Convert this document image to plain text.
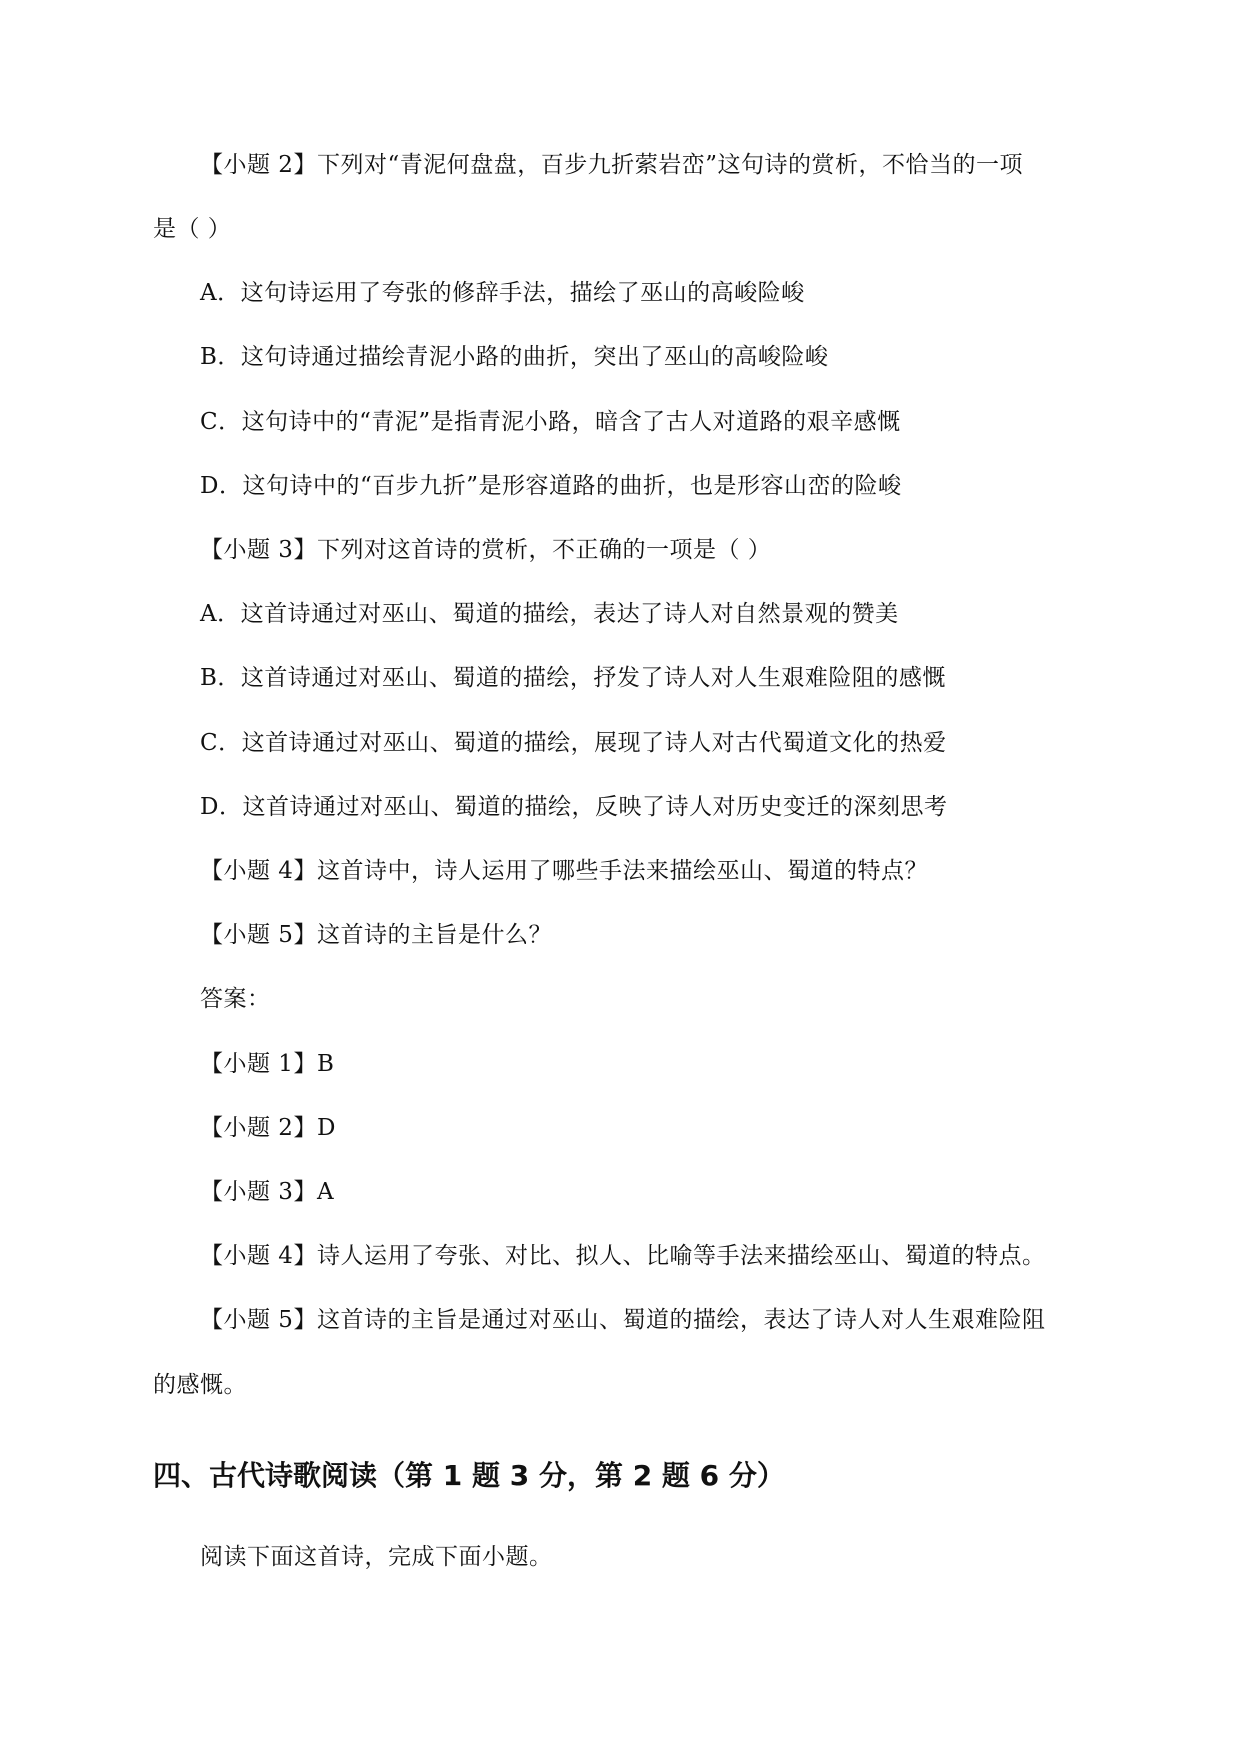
【小题 2】下列对“青泥何盘盘，百步九折萦岩峦”这句诗的赏析，不恰当的一项
是（ ）
A．这句诗运用了夸张的修辞手法，描绘了巫山的高峻险峻
B．这句诗通过描绘青泥小路的曲折，突出了巫山的高峻险峻
C．这句诗中的“青泥”是指青泥小路，暗含了古人对道路的艰辛感慨
D．这句诗中的“百步九折”是形容道路的曲折，也是形容山峦的险峻
【小题 3】下列对这首诗的赏析，不正确的一项是（ ）
A．这首诗通过对巫山、蜀道的描绘，表达了诗人对自然景观的赞美
B．这首诗通过对巫山、蜀道的描绘，抒发了诗人对人生艰难险阻的感慨
C．这首诗通过对巫山、蜀道的描绘，展现了诗人对古代蜀道文化的热爱
D．这首诗通过对巫山、蜀道的描绘，反映了诗人对历史变迁的深刻思考
【小题 4】这首诗中，诗人运用了哪些手法来描绘巫山、蜀道的特点？
【小题 5】这首诗的主旨是什么？
答案：
【小题 1】B
【小题 2】D
【小题 3】A
【小题 4】诗人运用了夸张、对比、拟人、比喻等手法来描绘巫山、蜀道的特点。
【小题 5】这首诗的主旨是通过对巫山、蜀道的描绘，表达了诗人对人生艰难险阻
的感慨。
四、古代诗歌阅读（第 1 题 3 分，第 2 题 6 分）
阅读下面这首诗，完成下面小题。
